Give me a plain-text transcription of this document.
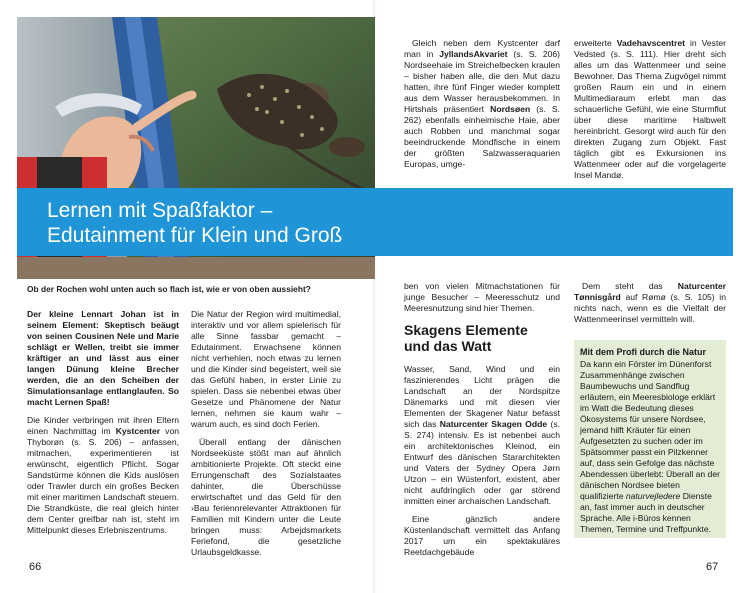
Lernen mit Spaßfaktor –
Edutainment für Klein und Groß
Ob der Rochen wohl unten auch so flach ist, wie er von oben aussieht?

Der kleine Lennart Johan ist in seinem Element: Skeptisch beäugt von seinen Cousinen Nele und Marie schlägt er Wellen, treibt sie immer kräftiger an und lässt aus einer langen Dünung kleine Brecher werden, die an den Scheiben der Simulationsanlage entlanglaufen. So macht Lernen Spaß!

Die Kinder verbringen mit ihren Eltern einen Nachmittag im Kystcenter von Thyborøn (s. S. 206) – anfassen, mitmachen, experimentieren ist erwünscht, eigentlich Pflicht. Sogar Sandstürme können die Kids auslösen oder Trawler durch ein großes Becken mit einer maritimen Landschaft steuern. Die Strandküste, die real gleich hinter dem Center greifbar nah ist, steht im Mittelpunkt dieses Erlebniszentrums.

Die Natur der Region wird multimedial, interaktiv und vor allem spielerisch für alle Sinne fassbar gemacht – Edutainment. Erwachsene können nicht verhehlen, noch etwas zu lernen und die Kinder sind begeistert, weil sie das Gefühl haben, in erster Linie zu spielen. Dass sie nebenbei etwas über Gesetze und Phänomene der Natur lernen, nehmen sie kaum wahr – warum auch, es sind doch Ferien.

Überall entlang der dänischen Nordseeküste stößt man auf ähnlich ambitionierte Projekte. Oft steckt eine Errungenschaft des Sozialstaates dahinter, die Überschüsse erwirtschaftet und das Geld für den ›Bau feriennrelevanter Attraktionen für Familien mit Kindern unter die Leute bringen muss: Arbejdsmarkets Feriefond, die gesetzliche Urlaubsgeldkasse.

Gleich neben dem Kystcenter darf man in JyllandsAkvariet (s. S. 206) Nordseehaie im Streichelbecken kraulen – bisher haben alle, die den Mut dazu hatten, ihre fünf Finger wieder komplett aus dem Wasser herausbekommen. In Hirtshals präsentiert Nordsøen (s. S. 262) ebenfalls einheimische Haie, aber auch Robben und manchmal sogar beeindruckende Mondfische in einem der größten Salzwasseraquarien Europas, umge-

erweiterte Vadehavscentret in Vester Vedsted (s. S. 111). Hier dreht sich alles um das Wattenmeer und seine Bewohner. Das Thema Zugvögel nimmt großen Raum ein und in einem Multimediaraum erlebt man das schauerliche Gefühl, wie eine Sturmflut über diese maritime Halbwelt hereinbricht. Gesorgt wird auch für den direkten Zugang zum Objekt. Fast täglich gibt es Exkursionen ins Wattenmeer oder auf die vorgelagerte Insel Mandø.

ben von vielen Mitmachstationen für junge Besucher – Meeresschutz und Meeresnutzung sind hier Themen.

Skagens Elemente
und das Watt

Wasser, Sand, Wind und ein faszinierendes Licht prägen die Landschaft an der Nordspitze Dänemarks und mit diesen vier Elementen der Skagener Natur befasst sich das Naturcenter Skagen Odde (s. S. 274) intensiv. Es ist nebenbei auch ein architektonisches Kleinod, ein Entwurf des dänischen Stararchitekten und Vaters der Sydney Opera Jørn Utzon – ein Wüstenfort, existent, aber nicht aufdringlich oder gar störend inmitten einer archaischen Landschaft.

Eine gänzlich andere Küstenlandschaft vermittelt das Anfang 2017 um ein spektakuläres Reetdachgebäude

Dem steht das Naturcenter Tønnisgård auf Rømø (s. S. 105) in nichts nach, wenn es die Vielfalt der Wattenmeerinsel vermitteln will.

Mit dem Profi durch die Natur
Da kann ein Förster im Dünenforst Zusammenhänge zwischen Baumbewuchs und Sandflug erläutern, ein Meeresbiologe erklärt im Watt die Bedeutung dieses Ökosystems für unsere Nordsee, jemand hilft Kräuter für einen Aufgesetzten zu suchen oder im Spätsommer passt ein Pilzkenner auf, dass sein Gefolge das nächste Abendessen überlebt: Überall an der dänischen Nordsee bieten qualifizierte naturvejledere Dienste an, fast immer auch in deutscher Sprache. Alle i-Büros kennen Themen, Termine und Treffpunkte.
66	67
